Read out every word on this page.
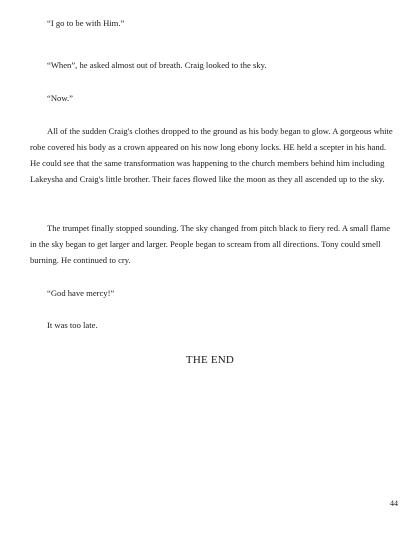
“I go to be with Him.”

“When”, he asked almost out of breath. Craig looked to the sky.

“Now.”

All of the sudden Craig's clothes dropped to the ground as his body began to glow. A gorgeous white robe covered his body as a crown appeared on his now long ebony locks. HE held a scepter in his hand. He could see that the same transformation was happening to the church members behind him including Lakeysha and Craig's little brother. Their faces flowed like the moon as they all ascended up to the sky.

The trumpet finally stopped sounding. The sky changed from pitch black to fiery red. A small flame in the sky began to get larger and larger. People began to scream from all directions. Tony could smell burning. He continued to cry.

“God have mercy!”

It was too late.

THE END
44
